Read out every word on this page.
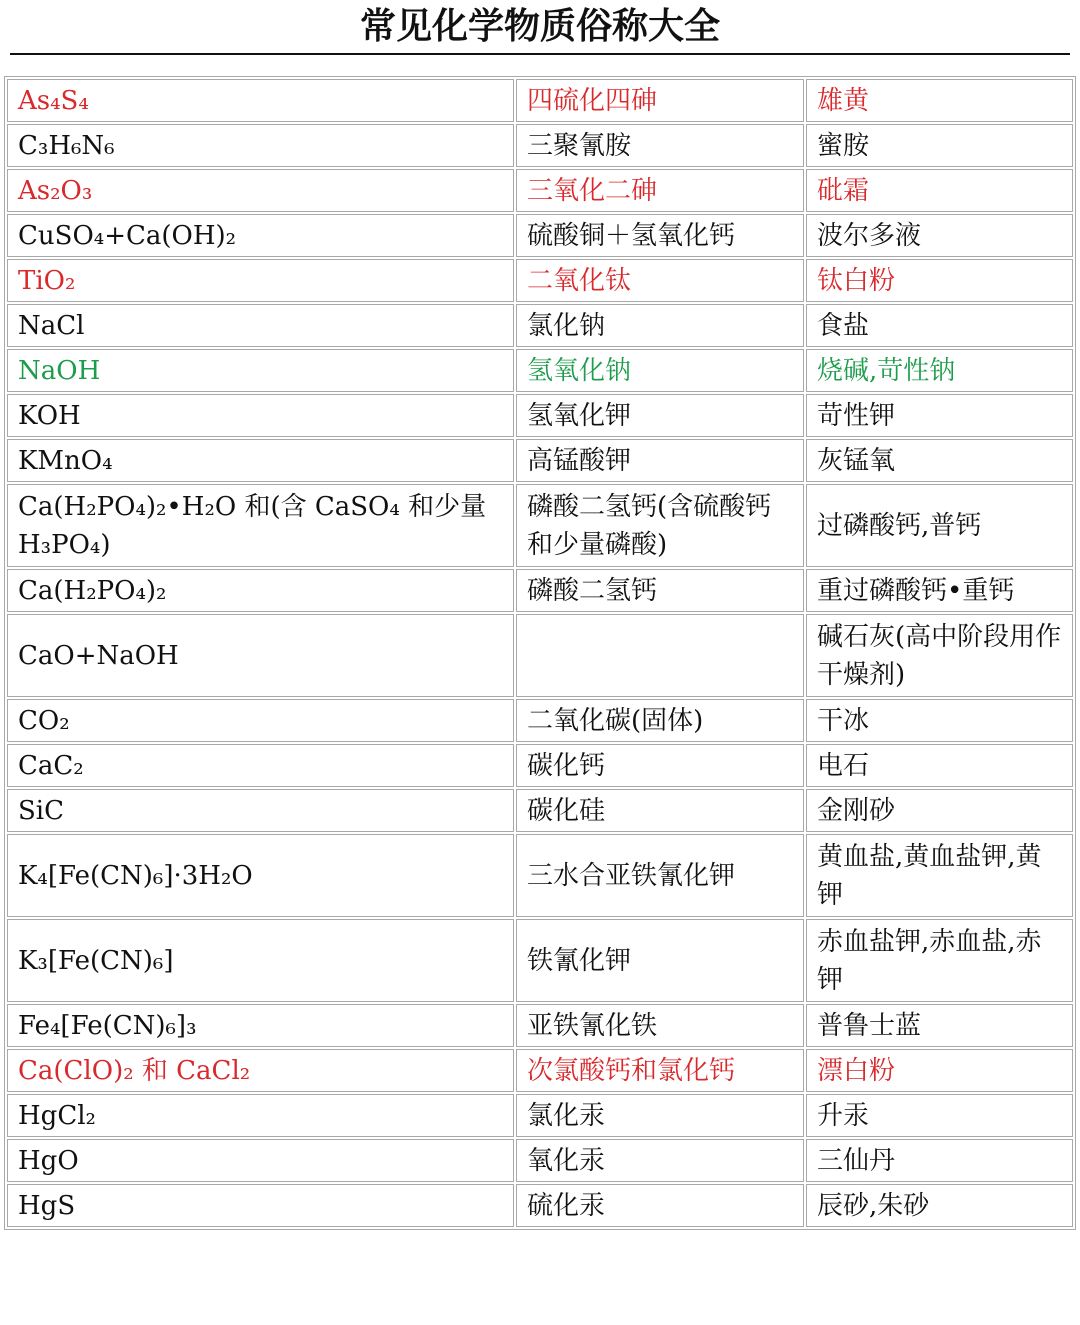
常见化学物质俗称大全
As₄S₄	四硫化四砷	雄黄

C₃H₆N₆	三聚氰胺	蜜胺

As₂O₃	三氧化二砷	砒霜

CuSO₄+Ca(OH)₂	硫酸铜＋氢氧化钙	波尔多液

TiO₂	二氧化钛	钛白粉

NaCl	氯化钠	食盐

NaOH	氢氧化钠	烧碱,苛性钠

KOH	氢氧化钾	苛性钾

KMnO₄	高锰酸钾	灰锰氧

Ca(H₂PO₄)₂•H₂O 和(含 CaSO₄ 和少量 H₃PO₄)	磷酸二氢钙(含硫酸钙和少量磷酸)	过磷酸钙,普钙

Ca(H₂PO₄)₂	磷酸二氢钙	重过磷酸钙•重钙

CaO+NaOH		碱石灰(高中阶段用作干燥剂)

CO₂	二氧化碳(固体)	干冰

CaC₂	碳化钙	电石

SiC	碳化硅	金刚砂

K₄[Fe(CN)₆]·3H₂O	三水合亚铁氰化钾	黄血盐,黄血盐钾,黄钾

K₃[Fe(CN)₆]	铁氰化钾	赤血盐钾,赤血盐,赤钾

Fe₄[Fe(CN)₆]₃	亚铁氰化铁	普鲁士蓝

Ca(ClO)₂ 和 CaCl₂	次氯酸钙和氯化钙	漂白粉

HgCl₂	氯化汞	升汞

HgO	氧化汞	三仙丹

HgS	硫化汞	辰砂,朱砂
